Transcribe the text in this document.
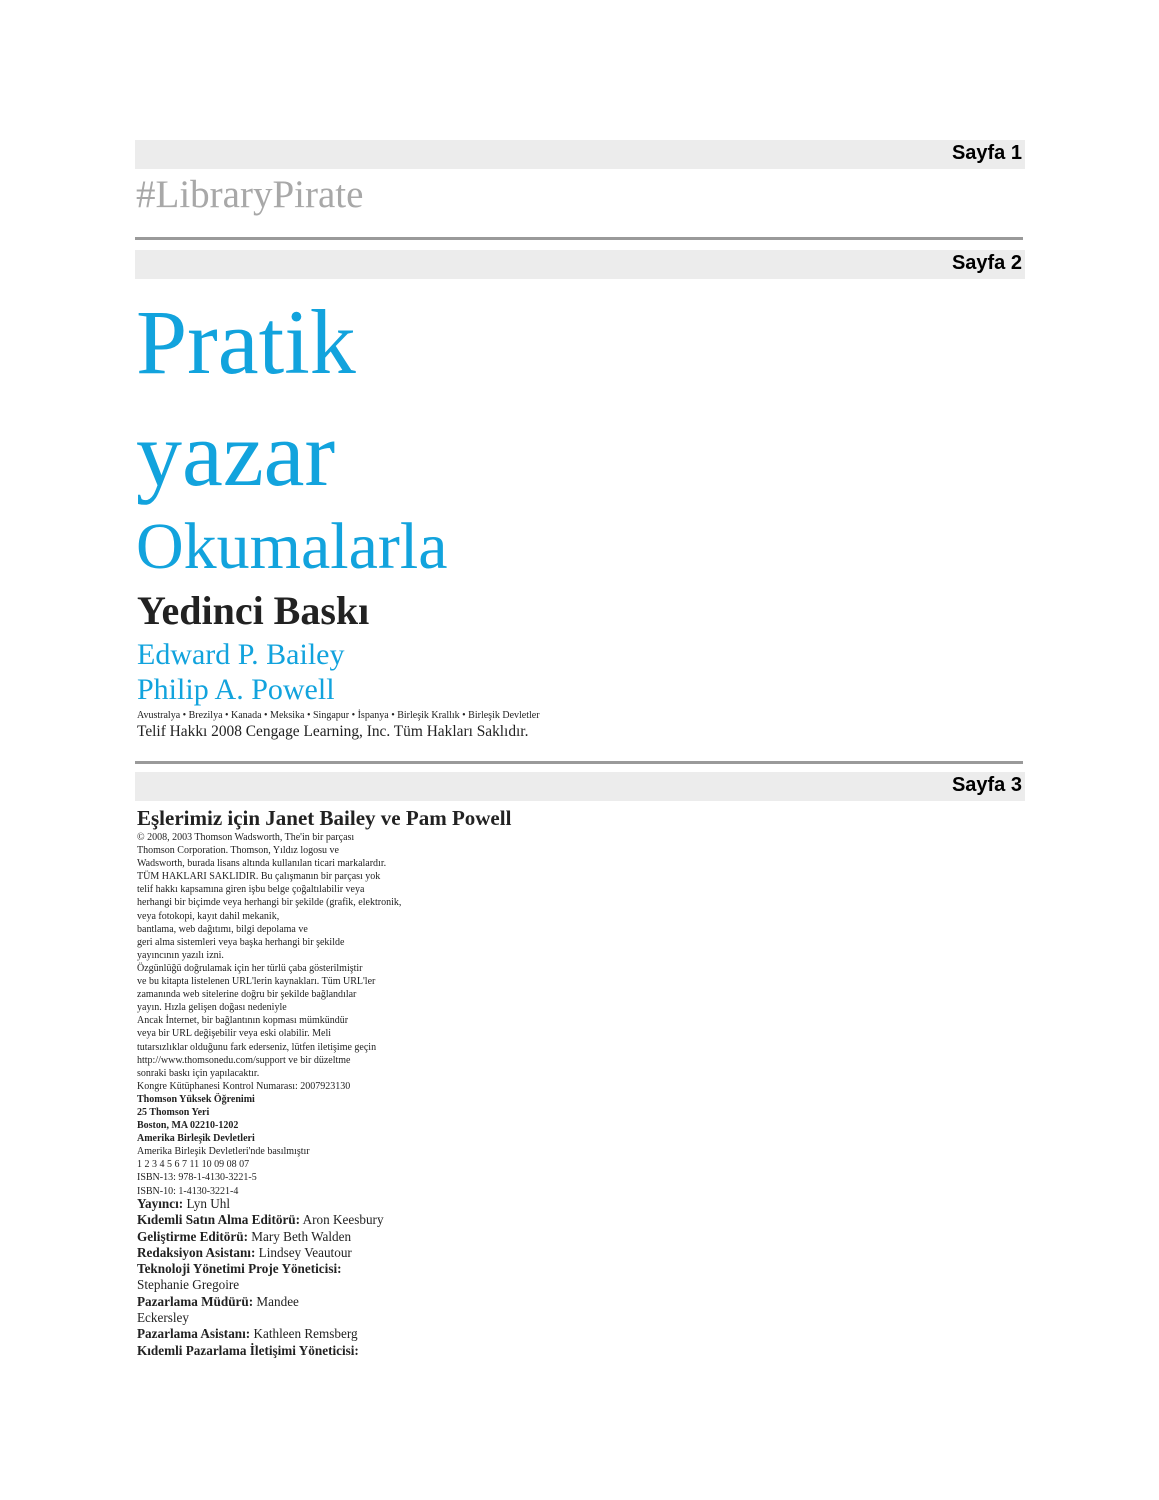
Sayfa 1
#LibraryPirate
Sayfa 2
Pratik
yazar
Okumalarla
Yedinci Baskı
Edward P. Bailey
Philip A. Powell
Avustralya • Brezilya • Kanada • Meksika • Singapur • İspanya • Birleşik Krallık • Birleşik Devletler
Telif Hakkı 2008 Cengage Learning, Inc. Tüm Hakları Saklıdır.
Sayfa 3
Eşlerimiz için Janet Bailey ve Pam Powell
© 2008, 2003 Thomson Wadsworth, The'in bir parçası
Thomson Corporation. Thomson, Yıldız logosu ve
Wadsworth, burada lisans altında kullanılan ticari markalardır.
TÜM HAKLARI SAKLIDIR. Bu çalışmanın bir parçası yok
telif hakkı kapsamına giren işbu belge çoğaltılabilir veya
herhangi bir biçimde veya herhangi bir şekilde (grafik, elektronik,
veya fotokopi, kayıt dahil mekanik,
bantlama, web dağıtımı, bilgi depolama ve
geri alma sistemleri veya başka herhangi bir şekilde
yayıncının yazılı izni.
Özgünlüğü doğrulamak için her türlü çaba gösterilmiştir
ve bu kitapta listelenen URL'lerin kaynakları. Tüm URL'ler
zamanında web sitelerine doğru bir şekilde bağlandılar
yayın. Hızla gelişen doğası nedeniyle
Ancak İnternet, bir bağlantının kopması mümkündür
veya bir URL değişebilir veya eski olabilir. Meli
tutarsızlıklar olduğunu fark ederseniz, lütfen iletişime geçin
http://www.thomsonedu.com/support ve bir düzeltme
sonraki baskı için yapılacaktır.
Kongre Kütüphanesi Kontrol Numarası: 2007923130
Thomson Yüksek Öğrenimi
25 Thomson Yeri
Boston, MA 02210-1202
Amerika Birleşik Devletleri
Amerika Birleşik Devletleri'nde basılmıştır
1 2 3 4 5 6 7 11 10 09 08 07
ISBN-13: 978-1-4130-3221-5
ISBN-10: 1-4130-3221-4
Yayıncı: Lyn Uhl
Kıdemli Satın Alma Editörü: Aron Keesbury
Geliştirme Editörü: Mary Beth Walden
Redaksiyon Asistanı: Lindsey Veautour
Teknoloji Yönetimi Proje Yöneticisi:
Stephanie Gregoire
Pazarlama Müdürü: Mandee
Eckersley
Pazarlama Asistanı: Kathleen Remsberg
Kıdemli Pazarlama İletişimi Yöneticisi:
